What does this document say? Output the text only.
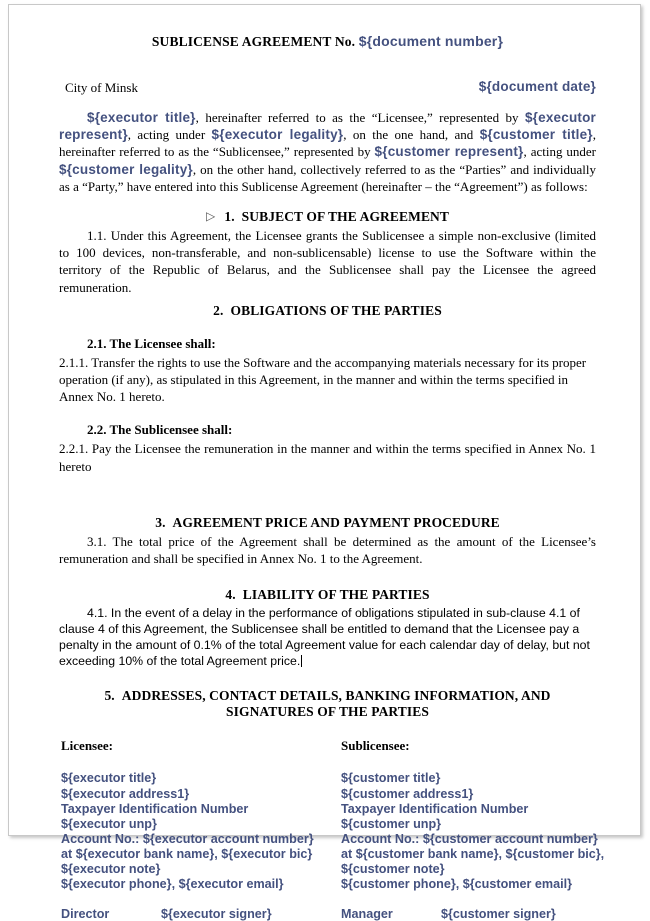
SUBLICENSE AGREEMENT No. ${document number}
City of Minsk	${document date}

${executor title}, hereinafter referred to as the “Licensee,” represented by ${executor represent}, acting under ${executor legality}, on the one hand, and ${customer title}, hereinafter referred to as the “Sublicensee,” represented by ${customer represent}, acting under ${customer legality}, on the other hand, collectively referred to as the “Parties” and individually as a “Party,” have entered into this Sublicense Agreement (hereinafter – the “Agreement”) as follows:

▷ 1. SUBJECT OF THE AGREEMENT

1.1. Under this Agreement, the Licensee grants the Sublicensee a simple non-exclusive (limited to 100 devices, non-transferable, and non-sublicensable) license to use the Software within the territory of the Republic of Belarus, and the Sublicensee shall pay the Licensee the agreed remuneration.

2. OBLIGATIONS OF THE PARTIES

2.1. The Licensee shall:

2.1.1. Transfer the rights to use the Software and the accompanying materials necessary for its proper operation (if any), as stipulated in this Agreement, in the manner and within the terms specified in Annex No. 1 hereto.

2.2. The Sublicensee shall:

2.2.1. Pay the Licensee the remuneration in the manner and within the terms specified in Annex No. 1 hereto

3. AGREEMENT PRICE AND PAYMENT PROCEDURE

3.1. The total price of the Agreement shall be determined as the amount of the Licensee’s remuneration and shall be specified in Annex No. 1 to the Agreement.

4. LIABILITY OF THE PARTIES

4.1. In the event of a delay in the performance of obligations stipulated in sub-clause 4.1 of clause 4 of this Agreement, the Sublicensee shall be entitled to demand that the Licensee pay a penalty in the amount of 0.1% of the total Agreement value for each calendar day of delay, but not exceeding 10% of the total Agreement price.

5. ADDRESSES, CONTACT DETAILS, BANKING INFORMATION, AND
SIGNATURES OF THE PARTIES
Licensee:
${executor title}
${executor address1}
Taxpayer Identification Number
${executor unp}
Account No.: ${executor account number}
at ${executor bank name}, ${executor bic}
${executor note}
${executor phone}, ${executor email}
Director	${executor signer}
Sublicensee:
${customer title}
${customer address1}
Taxpayer Identification Number
${customer unp}
Account No.: ${customer account number}
at ${customer bank name}, ${customer bic},
${customer note}
${customer phone}, ${customer email}
Manager	${customer signer}
